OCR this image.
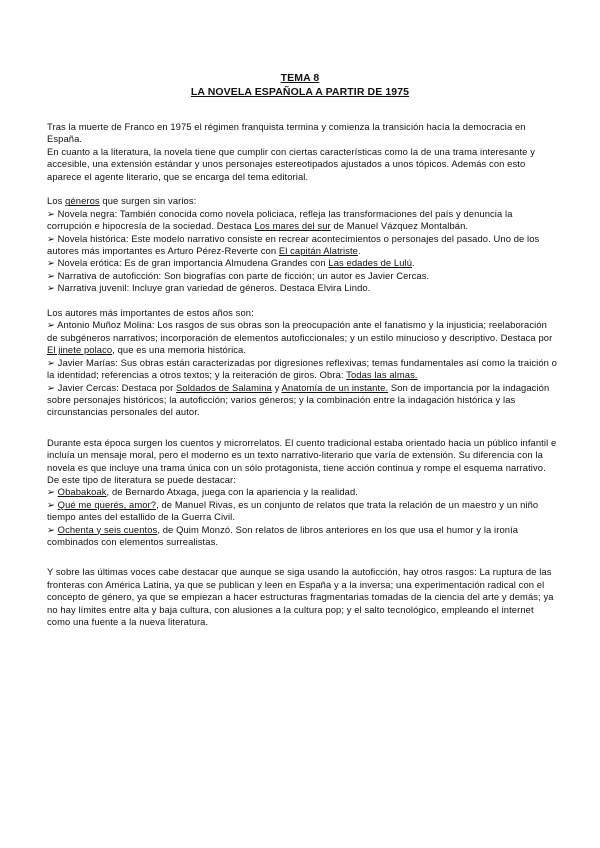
TEMA 8
LA NOVELA ESPAÑOLA A PARTIR DE 1975

Tras la muerte de Franco en 1975 el régimen franquista termina y comienza la transición hacía la democracia en España.

En cuanto a la literatura, la novela tiene que cumplir con ciertas características como la de una trama interesante y accesible, una extensión estándar y unos personajes estereotipados ajustados a unos tópicos. Además con esto aparece el agente literario, que se encarga del tema editorial.

Los géneros que surgen sin varios:

➢ Novela negra: También conocida como novela policiaca, refleja las transformaciones del país y denuncia la corrupción e hipocresía de la sociedad. Destaca Los mares del sur de Manuel Vázquez Montalbán.

➢ Novela histórica: Este modelo narrativo consiste en recrear acontecimientos o personajes del pasado. Uno de los autores más importantes es Arturo Pérez-Reverte con El capitán Alatriste.

➢ Novela erótica: Es de gran importancia Almudena Grandes con Las edades de Lulú.

➢ Narrativa de autoficción: Son biografías con parte de ficción; un autor es Javier Cercas.

➢ Narrativa juvenil: Incluye gran variedad de géneros. Destaca Elvira Lindo.

Los autores más importantes de estos años son:

➢ Antonio Muñoz Molina: Los rasgos de sus obras son la preocupación ante el fanatismo y la injusticia; reelaboración de subgéneros narrativos; incorporación de elementos autoficcionales; y un estilo minucioso y descriptivo. Destaca por El jinete polaco, que es una memoria histórica.

➢ Javier Marías: Sus obras están caracterizadas por digresiones reflexivas; temas fundamentales así como la traición o la identidad; referencias a otros textos; y la reiteración de giros. Obra: Todas las almas.

➢ Javier Cercas: Destaca por Soldados de Salamina y Anatomía de un instante. Son de importancia por la indagación sobre personajes históricos; la autoficción; varios géneros; y la combinación entre la indagación histórica y las circunstancias personales del autor.

Durante esta época surgen los cuentos y microrrelatos. El cuento tradicional estaba orientado hacia un público infantil e incluía un mensaje moral, pero el moderno es un texto narrativo-literario que varía de extensión. Su diferencia con la novela es que incluye una trama única con un sólo protagonista, tiene acción continua y rompe el esquema narrativo. De este tipo de literatura se puede destacar:

➢ Obabakoak, de Bernardo Atxaga, juega con la apariencia y la realidad.

➢ Qué me querés, amor?, de Manuel Rivas, es un conjunto de relatos que trata la relación de un maestro y un niño tiempo antes del estallido de la Guerra Civil.

➢ Ochenta y seis cuentos, de Quim Monzó. Son relatos de libros anteriores en los que usa el humor y la ironía combinados con elementos surrealistas.

Y sobre las últimas voces cabe destacar que aunque se siga usando la autoficción, hay otros rasgos: La ruptura de las fronteras con América Latina, ya que se publican y leen en España y a la inversa; una experimentación radical con el concepto de género, ya que se empiezan a hacer estructuras fragmentarias tomadas de la ciencia del arte y demás; ya no hay límites entre alta y baja cultura, con alusiones a la cultura pop; y el salto tecnológico, empleando el internet como una fuente a la nueva literatura.
